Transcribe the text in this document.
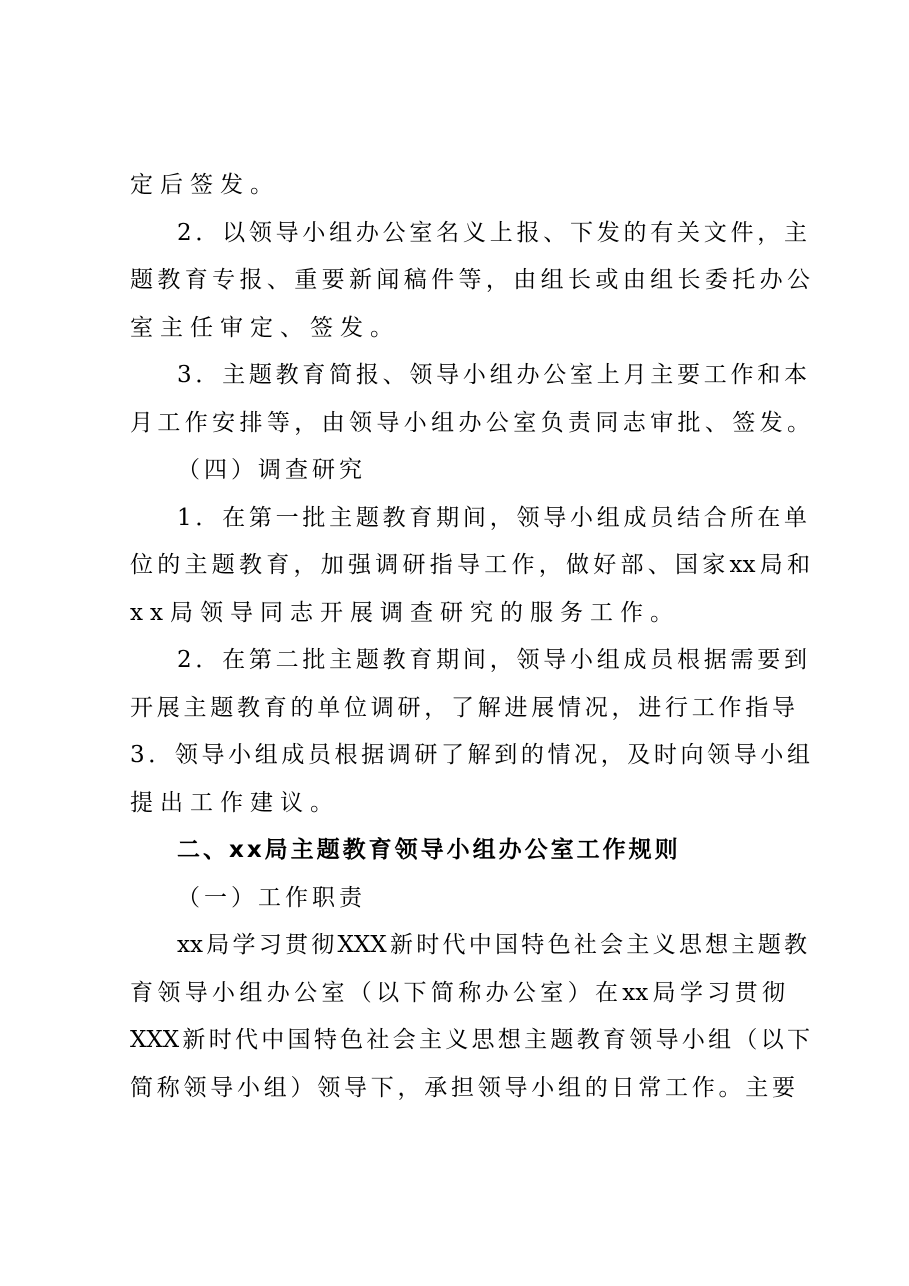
定后签发。
2．以领导小组办公室名义上报、下发的有关文件，主
题教育专报、重要新闻稿件等，由组长或由组长委托办公
室主任审定、签发。
3．主题教育简报、领导小组办公室上月主要工作和本
月工作安排等，由领导小组办公室负责同志审批、签发。
（四）调查研究
1．在第一批主题教育期间，领导小组成员结合所在单
位的主题教育，加强调研指导工作，做好部、国家xx局和
xx局领导同志开展调查研究的服务工作。
2．在第二批主题教育期间，领导小组成员根据需要到
开展主题教育的单位调研，了解进展情况，进行工作指导
3．领导小组成员根据调研了解到的情况，及时向领导小组
提出工作建议。
二、xx局主题教育领导小组办公室工作规则
（一）工作职责
xx局学习贯彻XXX新时代中国特色社会主义思想主题教
育领导小组办公室（以下简称办公室）在xx局学习贯彻
XXX新时代中国特色社会主义思想主题教育领导小组（以下
简称领导小组）领导下，承担领导小组的日常工作。主要
